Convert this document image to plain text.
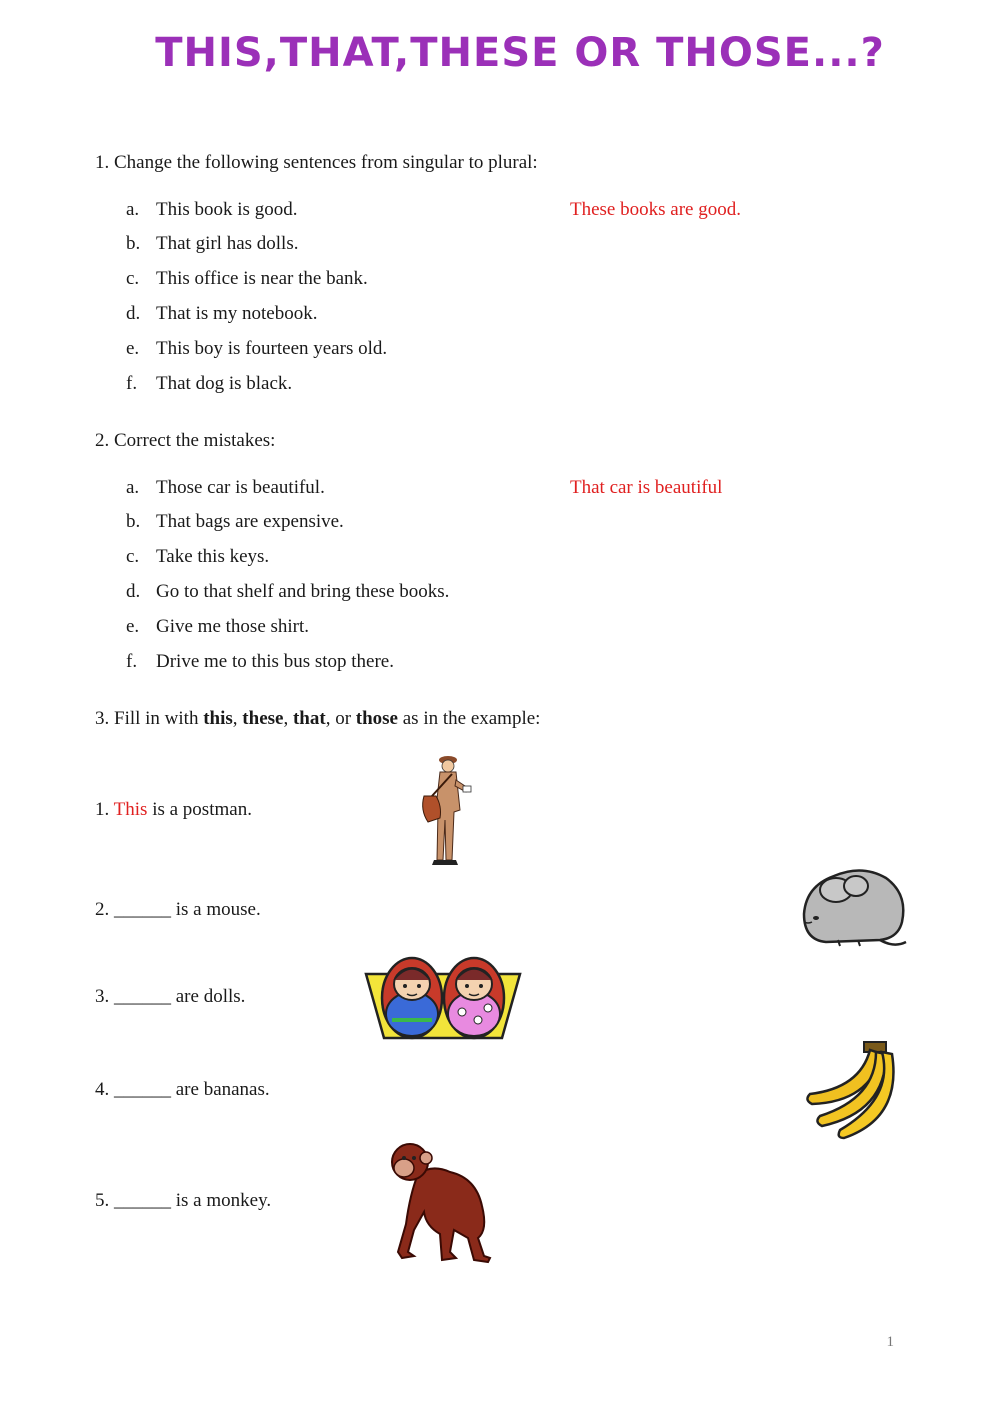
THIS,THAT,THESE OR THOSE...?
1. Change the following sentences from singular to plural:
a. This book is good.	These books are good.
b. That girl has dolls.
c. This office is near the bank.
d. That is my notebook.
e. This boy is fourteen years old.
f. That dog is black.
2. Correct the mistakes:
a. Those car is beautiful.	That car is beautiful
b. That bags are expensive.
c. Take this keys.
d. Go to that shelf and bring these books.
e. Give me those shirt.
f. Drive me to this bus stop there.
3. Fill in with this, these, that, or those as in the example:
1. This is a postman.
2. ______ is a mouse.
3. ______ are dolls.
4. ______ are bananas.
5. ______ is a monkey.
1
